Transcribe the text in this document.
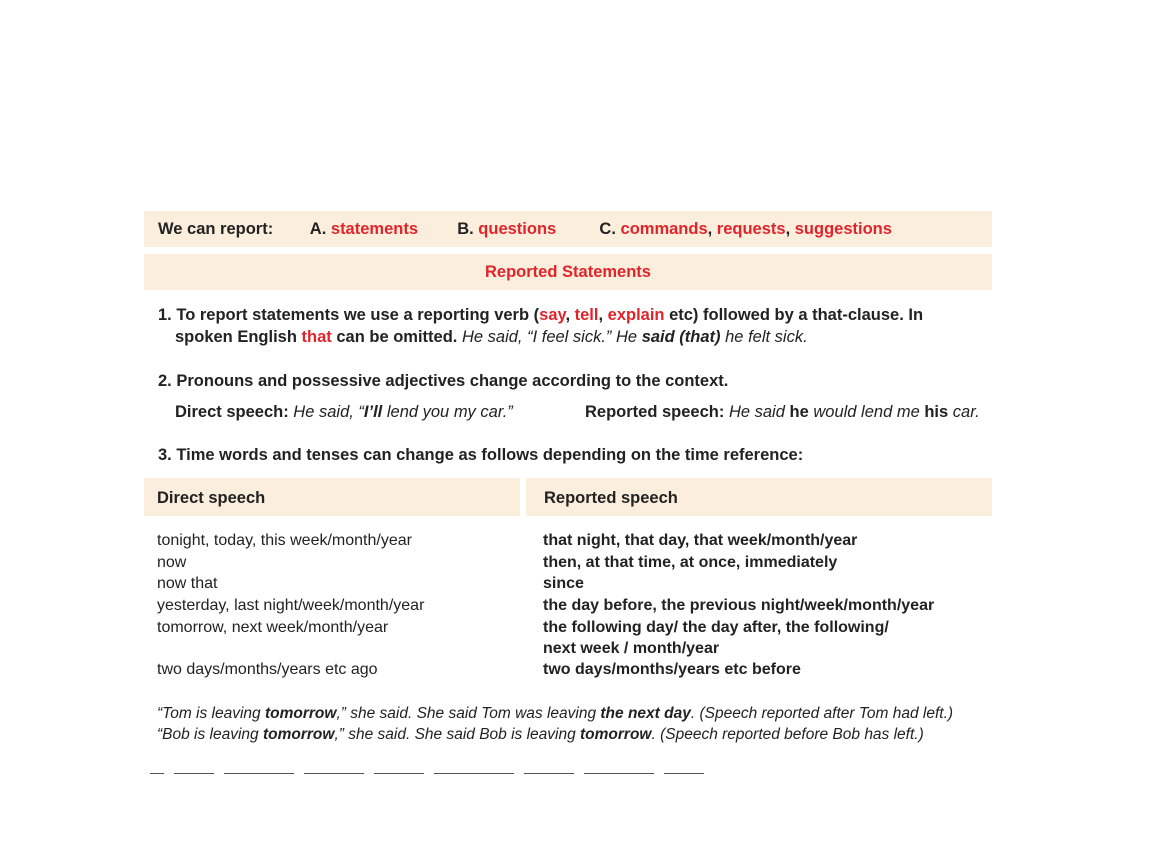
We can report: A. statements B. questions	C. commands, requests, suggestions
Reported Statements
1. To report statements we use a reporting verb (say, tell, explain etc) followed by a that-clause. In
spoken English that can be omitted. He said, “I feel sick.” He said (that) he felt sick.
2. Pronouns and possessive adjectives change according to the context.
Direct speech: He said, “I’ll lend you my car.”	Reported speech: He said he would lend me his car.
3. Time words and tenses can change as follows depending on the time reference:
Direct speech	Reported speech
tonight, today, this week/month/year	that night, that day, that week/month/year
now	then, at that time, at once, immediately
now that	since
yesterday, last night/week/month/year	the day before, the previous night/week/month/year
tomorrow, next week/month/year	the following day/ the day after, the following/
next week / month/year
two days/months/years etc ago	two days/months/years etc before
“Tom is leaving tomorrow,” she said. She said Tom was leaving the next day. (Speech reported after Tom had left.)
“Bob is leaving tomorrow,” she said. She said Bob is leaving tomorrow. (Speech reported before Bob has left.)
